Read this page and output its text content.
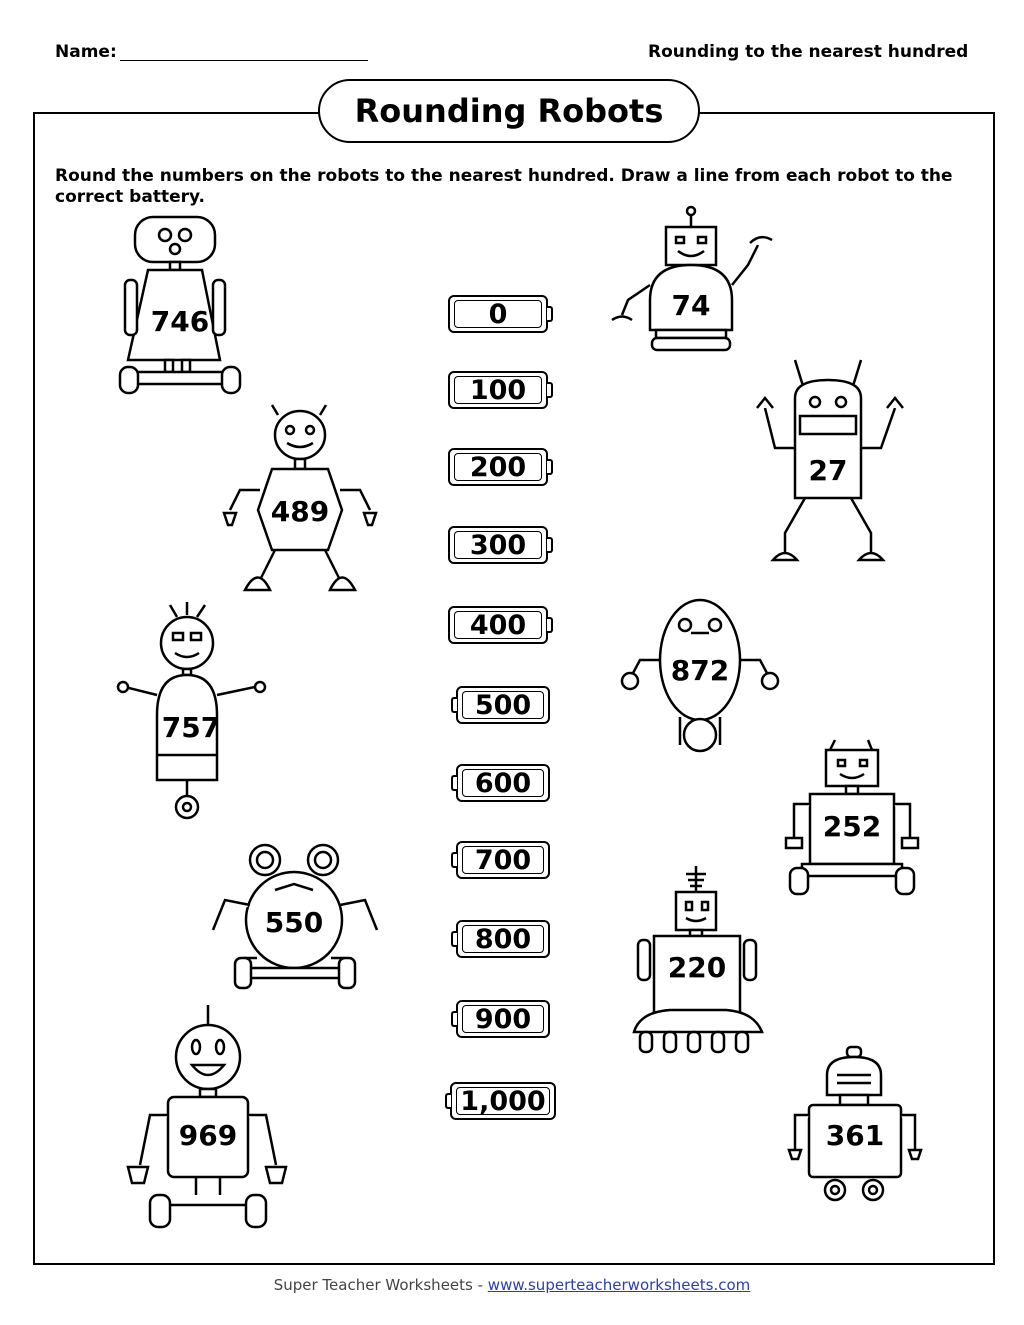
Name:	Rounding to the nearest hundred
Rounding Robots
Round the numbers on the robots to the nearest hundred. Draw a line from each robot to the correct battery.
0
100
200
300
400
500
600
700
800
900
1,000
746
489
757
550
969
74
27
872
252
220
361
Super Teacher Worksheets - www.superteacherworksheets.com
